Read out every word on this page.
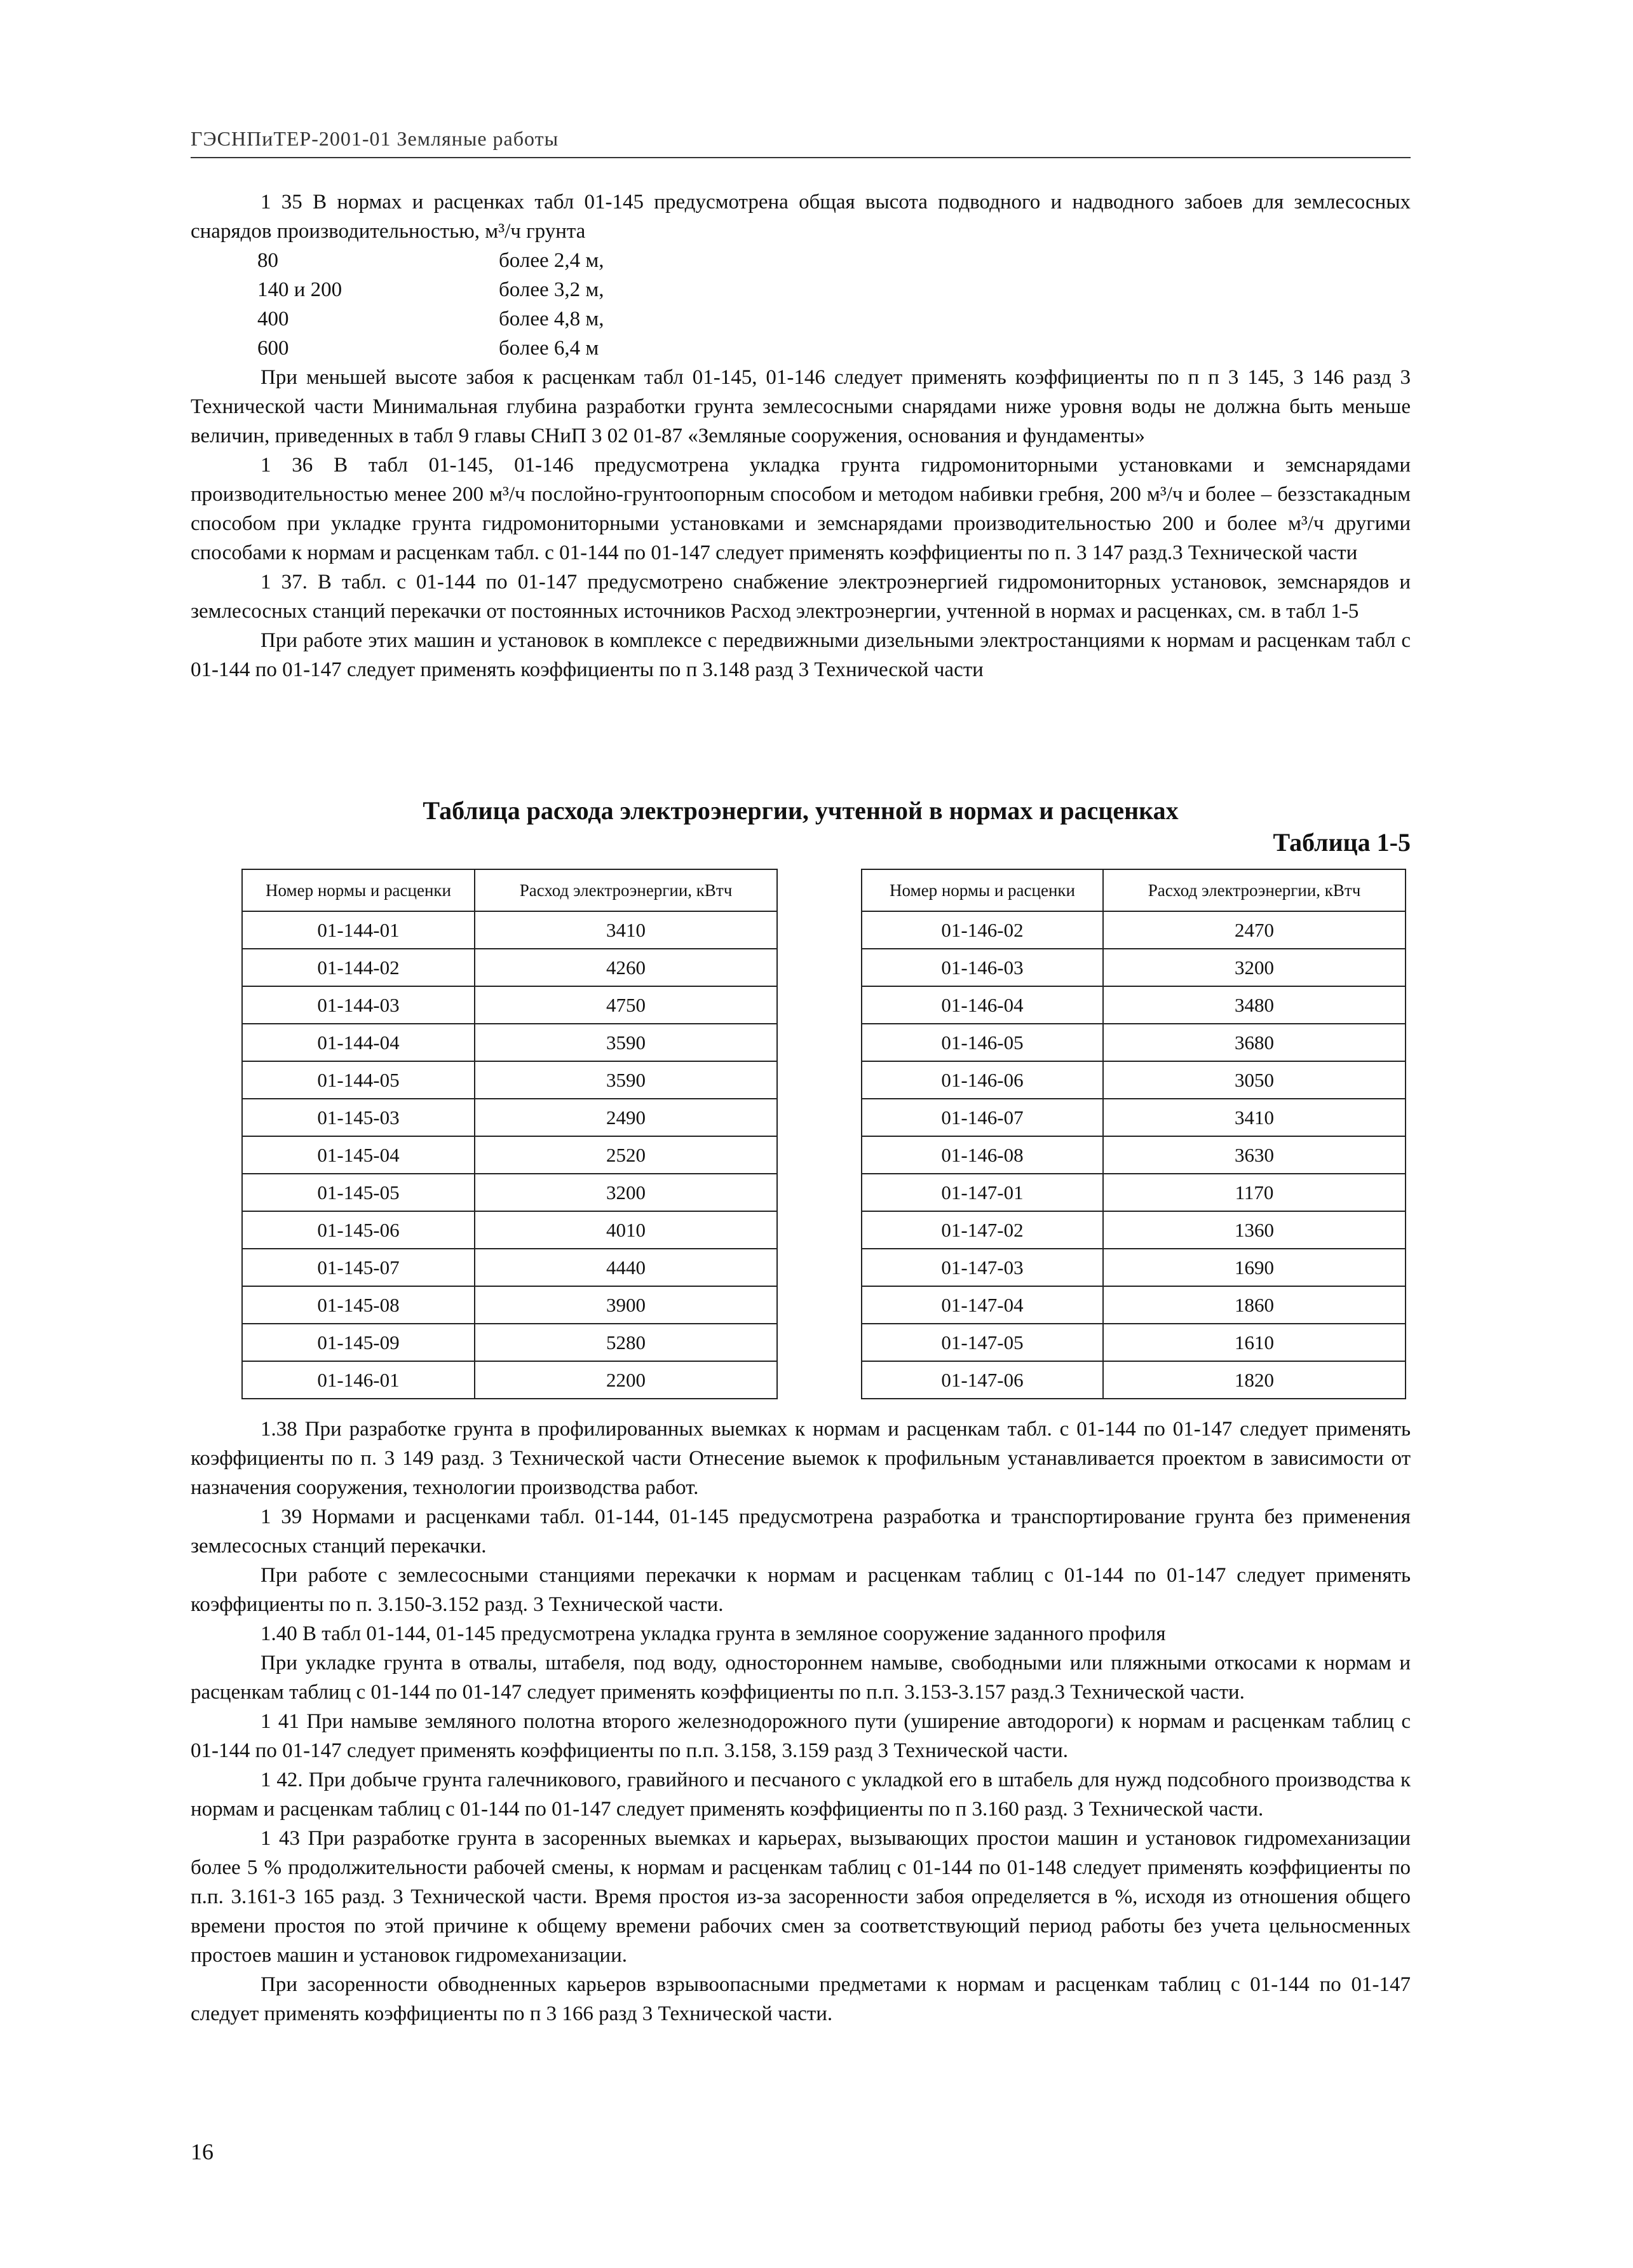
ГЭСНПиТЕР-2001-01 Земляные работы

1 35 В нормах и расценках табл 01-145 предусмотрена общая высота подводного и надводного забоев для землесосных снарядов производительностью, м³/ч грунта

80	более 2,4 м,
140 и 200	более 3,2 м,
400	более 4,8 м,
600	более 6,4 м

При меньшей высоте забоя к расценкам табл 01-145, 01-146 следует применять коэффициенты по п п 3 145, 3 146 разд 3 Технической части Минимальная глубина разработки грунта землесосными снарядами ниже уровня воды не должна быть меньше величин, приведенных в табл 9 главы СНиП 3 02 01-87 «Земляные сооружения, основания и фундаменты»

1 36 В табл 01-145, 01-146 предусмотрена укладка грунта гидромониторными установками и земснарядами производительностью менее 200 м³/ч послойно-грунтоопорным способом и методом набивки гребня, 200 м³/ч и более – беззстакадным способом при укладке грунта гидромониторными установками и земснарядами производительностью 200 и более м³/ч другими способами к нормам и расценкам табл. с 01-144 по 01-147 следует применять коэффициенты по п. 3 147 разд.3 Технической части

1 37. В табл. с 01-144 по 01-147 предусмотрено снабжение электроэнергией гидромониторных установок, земснарядов и землесосных станций перекачки от постоянных источников Расход электроэнергии, учтенной в нормах и расценках, см. в табл 1-5

При работе этих машин и установок в комплексе с передвижными дизельными электростанциями к нормам и расценкам табл с 01-144 по 01-147 следует применять коэффициенты по п 3.148 разд 3 Технической части

Таблица расхода электроэнергии, учтенной в нормах и расценках
Таблица 1-5
Номер нормы и расценки	Расход электроэнергии, кВтч
01-144-01	3410
01-144-02	4260
01-144-03	4750
01-144-04	3590
01-144-05	3590
01-145-03	2490
01-145-04	2520
01-145-05	3200
01-145-06	4010
01-145-07	4440
01-145-08	3900
01-145-09	5280
01-146-01	2200
Номер нормы и расценки	Расход электроэнергии, кВтч
01-146-02	2470
01-146-03	3200
01-146-04	3480
01-146-05	3680
01-146-06	3050
01-146-07	3410
01-146-08	3630
01-147-01	1170
01-147-02	1360
01-147-03	1690
01-147-04	1860
01-147-05	1610
01-147-06	1820

1.38 При разработке грунта в профилированных выемках к нормам и расценкам табл. с 01-144 по 01-147 следует применять коэффициенты по п. 3 149 разд. 3 Технической части Отнесение выемок к профильным устанавливается проектом в зависимости от назначения сооружения, технологии производства работ.

1 39 Нормами и расценками табл. 01-144, 01-145 предусмотрена разработка и транспортирование грунта без применения землесосных станций перекачки.

При работе с землесосными станциями перекачки к нормам и расценкам таблиц с 01-144 по 01-147 следует применять коэффициенты по п. 3.150-3.152 разд. 3 Технической части.

1.40 В табл 01-144, 01-145 предусмотрена укладка грунта в земляное сооружение заданного профиля

При укладке грунта в отвалы, штабеля, под воду, одностороннем намыве, свободными или пляжными откосами к нормам и расценкам таблиц с 01-144 по 01-147 следует применять коэффициенты по п.п. 3.153-3.157 разд.3 Технической части.

1 41 При намыве земляного полотна второго железнодорожного пути (уширение автодороги) к нормам и расценкам таблиц с 01-144 по 01-147 следует применять коэффициенты по п.п. 3.158, 3.159 разд 3 Технической части.

1 42. При добыче грунта галечникового, гравийного и песчаного с укладкой его в штабель для нужд подсобного производства к нормам и расценкам таблиц с 01-144 по 01-147 следует применять коэффициенты по п 3.160 разд. 3 Технической части.

1 43 При разработке грунта в засоренных выемках и карьерах, вызывающих простои машин и установок гидромеханизации более 5 % продолжительности рабочей смены, к нормам и расценкам таблиц с 01-144 по 01-148 следует применять коэффициенты по п.п. 3.161-3 165 разд. 3 Технической части. Время простоя из-за засоренности забоя определяется в %, исходя из отношения общего времени простоя по этой причине к общему времени рабочих смен за соответствующий период работы без учета цельносменных простоев машин и установок гидромеханизации.

При засоренности обводненных карьеров взрывоопасными предметами к нормам и расценкам таблиц с 01-144 по 01-147 следует применять коэффициенты по п 3 166 разд 3 Технической части.

16
